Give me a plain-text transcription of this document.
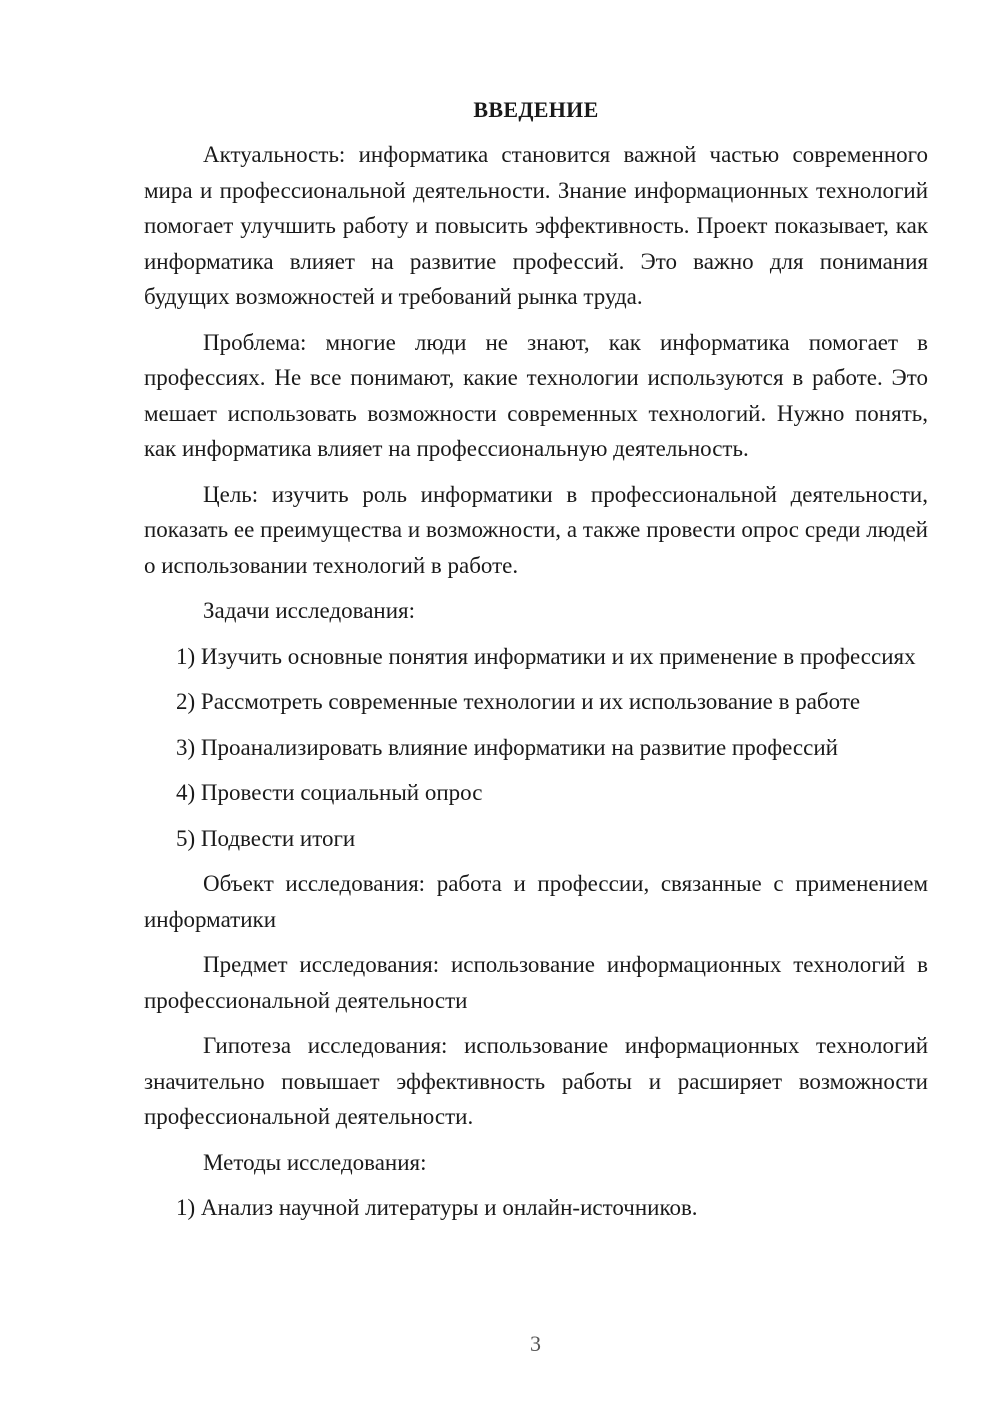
ВВЕДЕНИЕ

Актуальность: информатика становится важной частью современного мира и профессиональной деятельности. Знание информационных технологий помогает улучшить работу и повысить эффективность. Проект показывает, как информатика влияет на развитие профессий. Это важно для понимания будущих возможностей и требований рынка труда.

Проблема: многие люди не знают, как информатика помогает в профессиях. Не все понимают, какие технологии используются в работе. Это мешает использовать возможности современных технологий. Нужно понять, как информатика влияет на профессиональную деятельность.

Цель: изучить роль информатики в профессиональной деятельности, показать ее преимущества и возможности, а также провести опрос среди людей о использовании технологий в работе.

Задачи исследования:

1) Изучить основные понятия информатики и их применение в профессиях

2) Рассмотреть современные технологии и их использование в работе

3) Проанализировать влияние информатики на развитие профессий

4) Провести социальный опрос

5) Подвести итоги

Объект исследования: работа и профессии, связанные с применением информатики

Предмет исследования: использование информационных технологий в профессиональной деятельности

Гипотеза исследования: использование информационных технологий значительно повышает эффективность работы и расширяет возможности профессиональной деятельности.

Методы исследования:

1) Анализ научной литературы и онлайн-источников.

3
